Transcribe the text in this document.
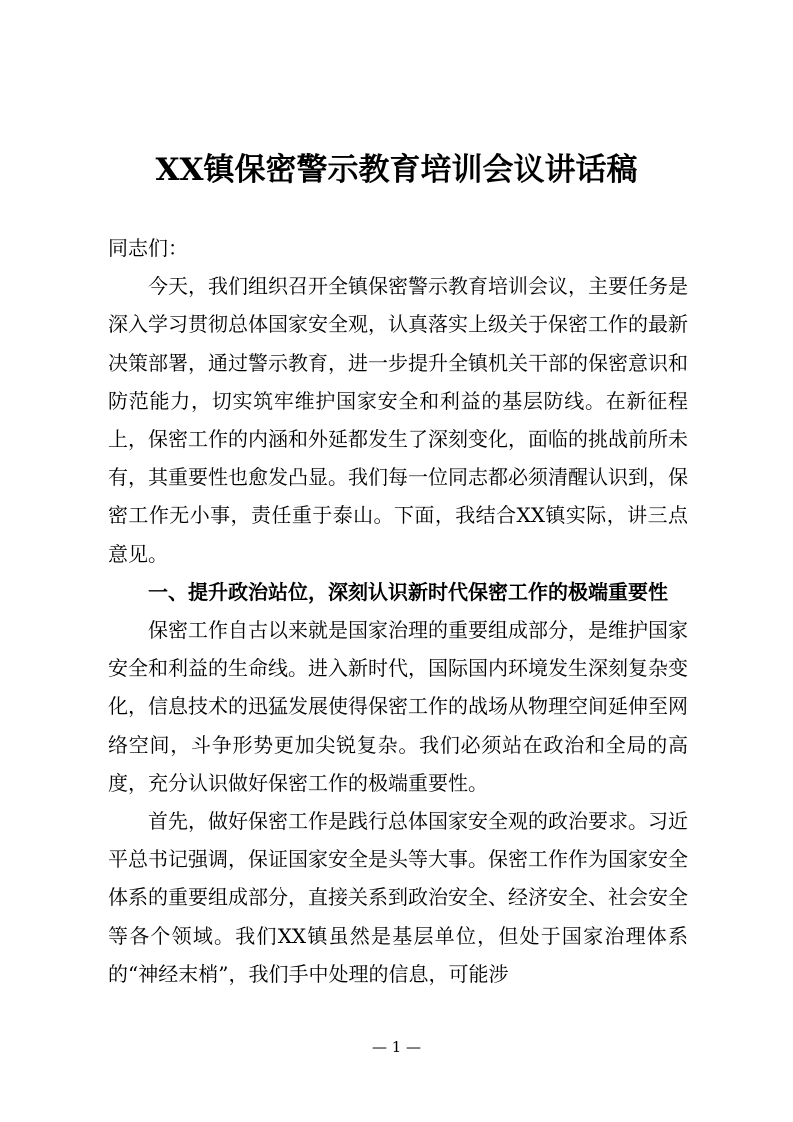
XX镇保密警示教育培训会议讲话稿

同志们：

今天，我们组织召开全镇保密警示教育培训会议，主要任务是深入学习贯彻总体国家安全观，认真落实上级关于保密工作的最新决策部署，通过警示教育，进一步提升全镇机关干部的保密意识和防范能力，切实筑牢维护国家安全和利益的基层防线。在新征程上，保密工作的内涵和外延都发生了深刻变化，面临的挑战前所未有，其重要性也愈发凸显。我们每一位同志都必须清醒认识到，保密工作无小事，责任重于泰山。下面，我结合XX镇实际，讲三点意见。

一、提升政治站位，深刻认识新时代保密工作的极端重要性

保密工作自古以来就是国家治理的重要组成部分，是维护国家安全和利益的生命线。进入新时代，国际国内环境发生深刻复杂变化，信息技术的迅猛发展使得保密工作的战场从物理空间延伸至网络空间，斗争形势更加尖锐复杂。我们必须站在政治和全局的高度，充分认识做好保密工作的极端重要性。

首先，做好保密工作是践行总体国家安全观的政治要求。习近平总书记强调，保证国家安全是头等大事。保密工作作为国家安全体系的重要组成部分，直接关系到政治安全、经济安全、社会安全等各个领域。我们XX镇虽然是基层单位，但处于国家治理体系的“神经末梢”，我们手中处理的信息，可能涉

— 1 —
